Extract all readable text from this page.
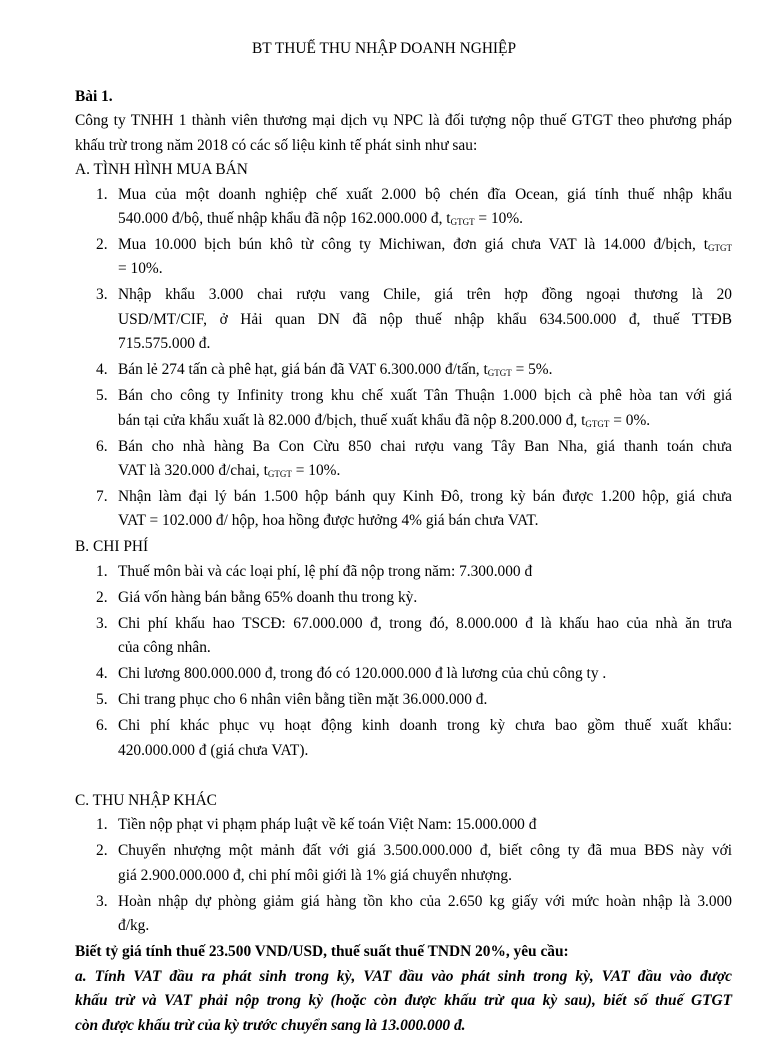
BT THUẾ THU NHẬP DOANH NGHIỆP

Bài 1.

Công ty TNHH 1 thành viên thương mại dịch vụ NPC là đối tượng nộp thuế GTGT theo phương pháp khấu trừ trong năm 2018 có các số liệu kinh tế phát sinh như sau:

A. TÌNH HÌNH MUA BÁN

1. Mua của một doanh nghiệp chế xuất 2.000 bộ chén đĩa Ocean, giá tính thuế nhập khẩu
540.000 đ/bộ, thuế nhập khẩu đã nộp 162.000.000 đ, $t_{GTGT} = 10\%$.
2. Mua 10.000 bịch bún khô từ công ty Michiwan, đơn giá chưa VAT là 14.000 đ/bịch, $t_{GTGT}$
= 10%.
3. Nhập khẩu 3.000 chai rượu vang Chile, giá trên hợp đồng ngoại thương là 20
USD/MT/CIF, ở Hải quan DN đã nộp thuế nhập khẩu 634.500.000 đ, thuế TTĐB
715.575.000 đ.
4. Bán lẻ 274 tấn cà phê hạt, giá bán đã VAT 6.300.000 đ/tấn, $t_{GTGT} = 5\%$.
5. Bán cho công ty Infinity trong khu chế xuất Tân Thuận 1.000 bịch cà phê hòa tan với giá
bán tại cửa khẩu xuất là 82.000 đ/bịch, thuế xuất khẩu đã nộp 8.200.000 đ, $t_{GTGT} = 0\%$.
6. Bán cho nhà hàng Ba Con Cừu 850 chai rượu vang Tây Ban Nha, giá thanh toán chưa
VAT là 320.000 đ/chai, $t_{GTGT} = 10\%$.
7. Nhận làm đại lý bán 1.500 hộp bánh quy Kinh Đô, trong kỳ bán được 1.200 hộp, giá chưa
VAT = 102.000 đ/ hộp, hoa hồng được hưởng 4% giá bán chưa VAT.

B. CHI PHÍ

1. Thuế môn bài và các loại phí, lệ phí đã nộp trong năm: 7.300.000 đ
2. Giá vốn hàng bán bằng 65% doanh thu trong kỳ.
3. Chi phí khấu hao TSCĐ: 67.000.000 đ, trong đó, 8.000.000 đ là khấu hao của nhà ăn trưa
của công nhân.
4. Chi lương 800.000.000 đ, trong đó có 120.000.000 đ là lương của chủ công ty .
5. Chi trang phục cho 6 nhân viên bằng tiền mặt 36.000.000 đ.
6. Chi phí khác phục vụ hoạt động kinh doanh trong kỳ chưa bao gồm thuế xuất khẩu:
420.000.000 đ (giá chưa VAT).

C. THU NHẬP KHÁC

1. Tiền nộp phạt vi phạm pháp luật về kế toán Việt Nam: 15.000.000 đ
2. Chuyển nhượng một mảnh đất với giá 3.500.000.000 đ, biết công ty đã mua BĐS này với
giá 2.900.000.000 đ, chi phí môi giới là 1% giá chuyển nhượng.
3. Hoàn nhập dự phòng giảm giá hàng tồn kho của 2.650 kg giấy với mức hoàn nhập là 3.000
đ/kg.

Biết tỷ giá tính thuế 23.500 VND/USD, thuế suất thuế TNDN 20%, yêu cầu:

a. Tính VAT đầu ra phát sinh trong kỳ, VAT đầu vào phát sinh trong kỳ, VAT đầu vào được
khấu trừ và VAT phải nộp trong kỳ (hoặc còn được khấu trừ qua kỳ sau), biết số thuế GTGT
còn được khấu trừ của kỳ trước chuyển sang là 13.000.000 đ.
